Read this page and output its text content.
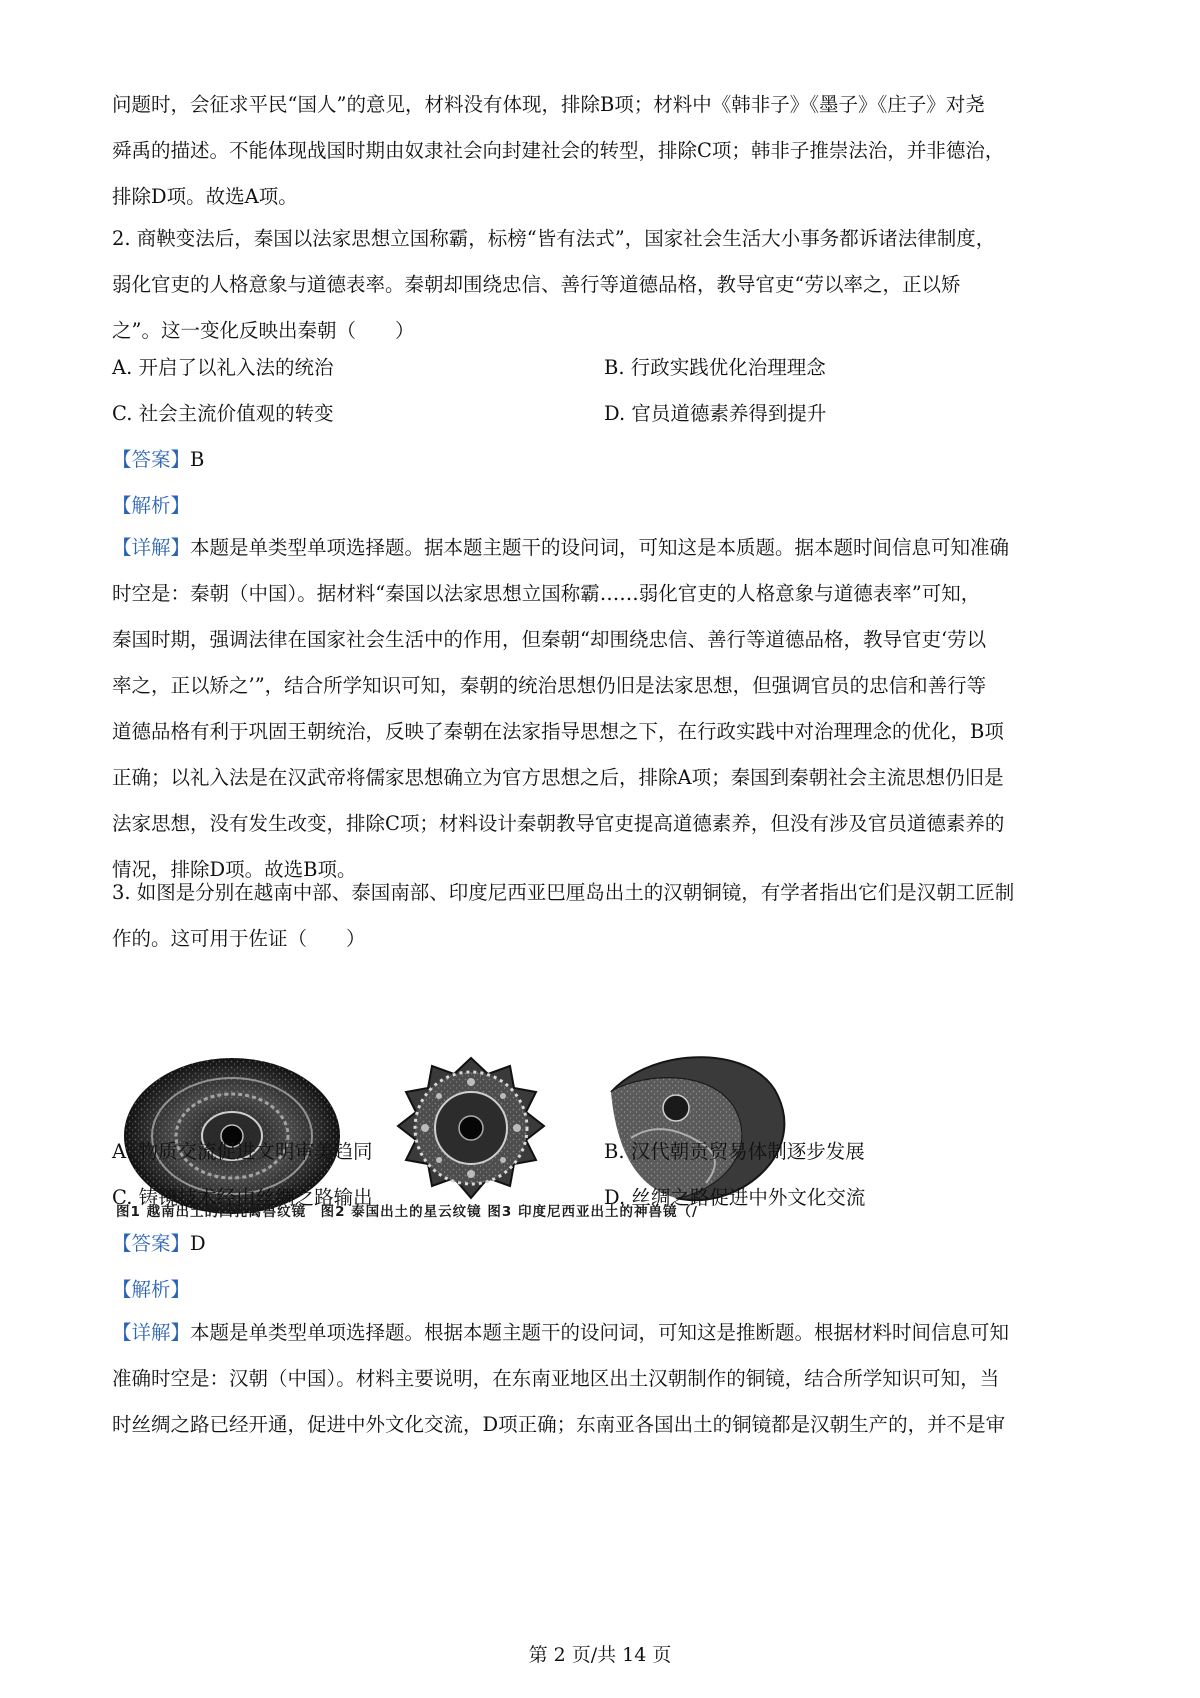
问题时，会征求平民“国人”的意见，材料没有体现，排除B项；材料中《韩非子》《墨子》《庄子》对尧
舜禹的描述。不能体现战国时期由奴隶社会向封建社会的转型，排除C项；韩非子推崇法治，并非德治，
排除D项。故选A项。
2. 商鞅变法后，秦国以法家思想立国称霸，标榜“皆有法式”，国家社会生活大小事务都诉诸法律制度，
弱化官吏的人格意象与道德表率。秦朝却围绕忠信、善行等道德品格，教导官吏“劳以率之，正以矫
之”。这一变化反映出秦朝（　　）
A. 开启了以礼入法的统治	B. 行政实践优化治理理念
C. 社会主流价值观的转变	D. 官员道德素养得到提升
【答案】B
【解析】
【详解】本题是单类型单项选择题。据本题主题干的设问词，可知这是本质题。据本题时间信息可知准确
时空是：秦朝（中国）。据材料“秦国以法家思想立国称霸……弱化官吏的人格意象与道德表率”可知，
秦国时期，强调法律在国家社会生活中的作用，但秦朝“却围绕忠信、善行等道德品格，教导官吏‘劳以
率之，正以矫之’”，结合所学知识可知，秦朝的统治思想仍旧是法家思想，但强调官员的忠信和善行等
道德品格有利于巩固王朝统治，反映了秦朝在法家指导思想之下，在行政实践中对治理理念的优化，B项
正确；以礼入法是在汉武帝将儒家思想确立为官方思想之后，排除A项；秦国到秦朝社会主流思想仍旧是
法家思想，没有发生改变，排除C项；材料设计秦朝教导官吏提高道德素养，但没有涉及官员道德素养的
情况，排除D项。故选B项。
3. 如图是分别在越南中部、泰国南部、印度尼西亚巴厘岛出土的汉朝铜镜，有学者指出它们是汉朝工匠制
作的。这可用于佐证（　　）
图1 越南出土的四乳禽兽纹镜　图2 泰国出土的星云纹镜 图3 印度尼西亚出土的神兽镜（/
A. 物质交流促进文明审美趋同	B. 汉代朝贡贸易体制逐步发展
C. 铸镜技术经由丝绸之路输出	D. 丝绸之路促进中外文化交流
【答案】D
【解析】
【详解】本题是单类型单项选择题。根据本题主题干的设问词，可知这是推断题。根据材料时间信息可知
准确时空是：汉朝（中国）。材料主要说明，在东南亚地区出土汉朝制作的铜镜，结合所学知识可知，当
时丝绸之路已经开通，促进中外文化交流，D项正确；东南亚各国出土的铜镜都是汉朝生产的，并不是审
第 2 页/共 14 页
